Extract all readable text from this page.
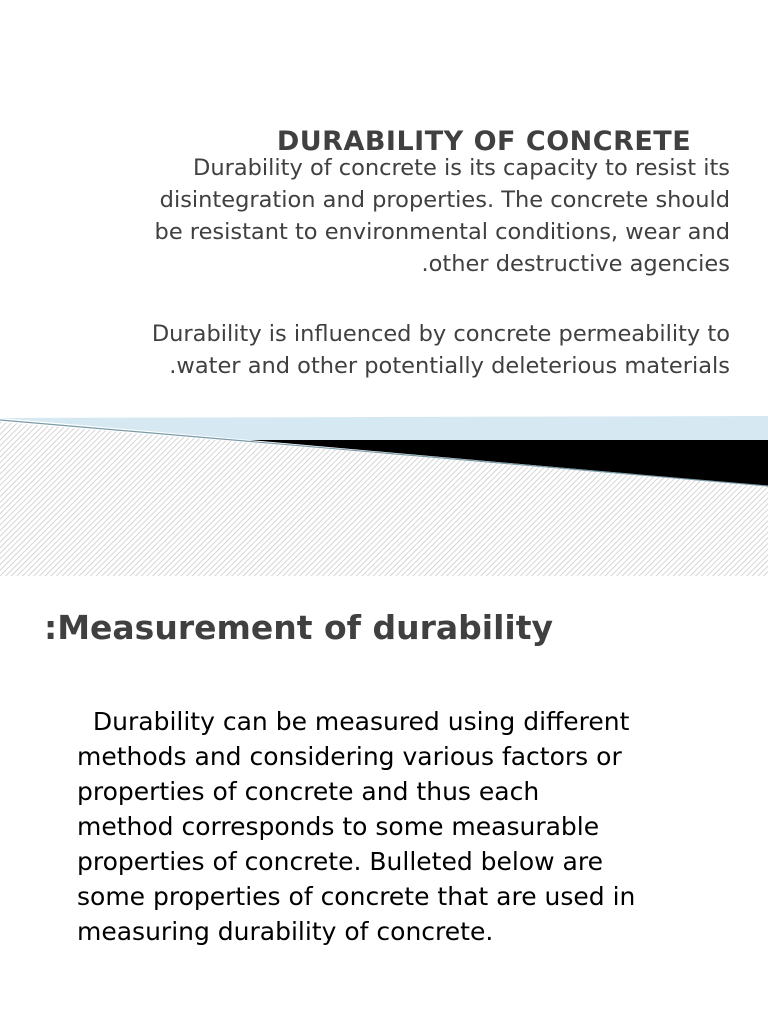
DURABILITY OF CONCRETE

Durability of concrete is its capacity to resist its
disintegration and properties. The concrete should
be resistant to environmental conditions, wear and
.other destructive agencies

Durability is influenced by concrete permeability to
.water and other potentially deleterious materials

:Measurement of durability
Durability can be measured using different
methods and considering various factors or
properties of concrete and thus each
method corresponds to some measurable
properties of concrete. Bulleted below are
some properties of concrete that are used in
measuring durability of concrete.
